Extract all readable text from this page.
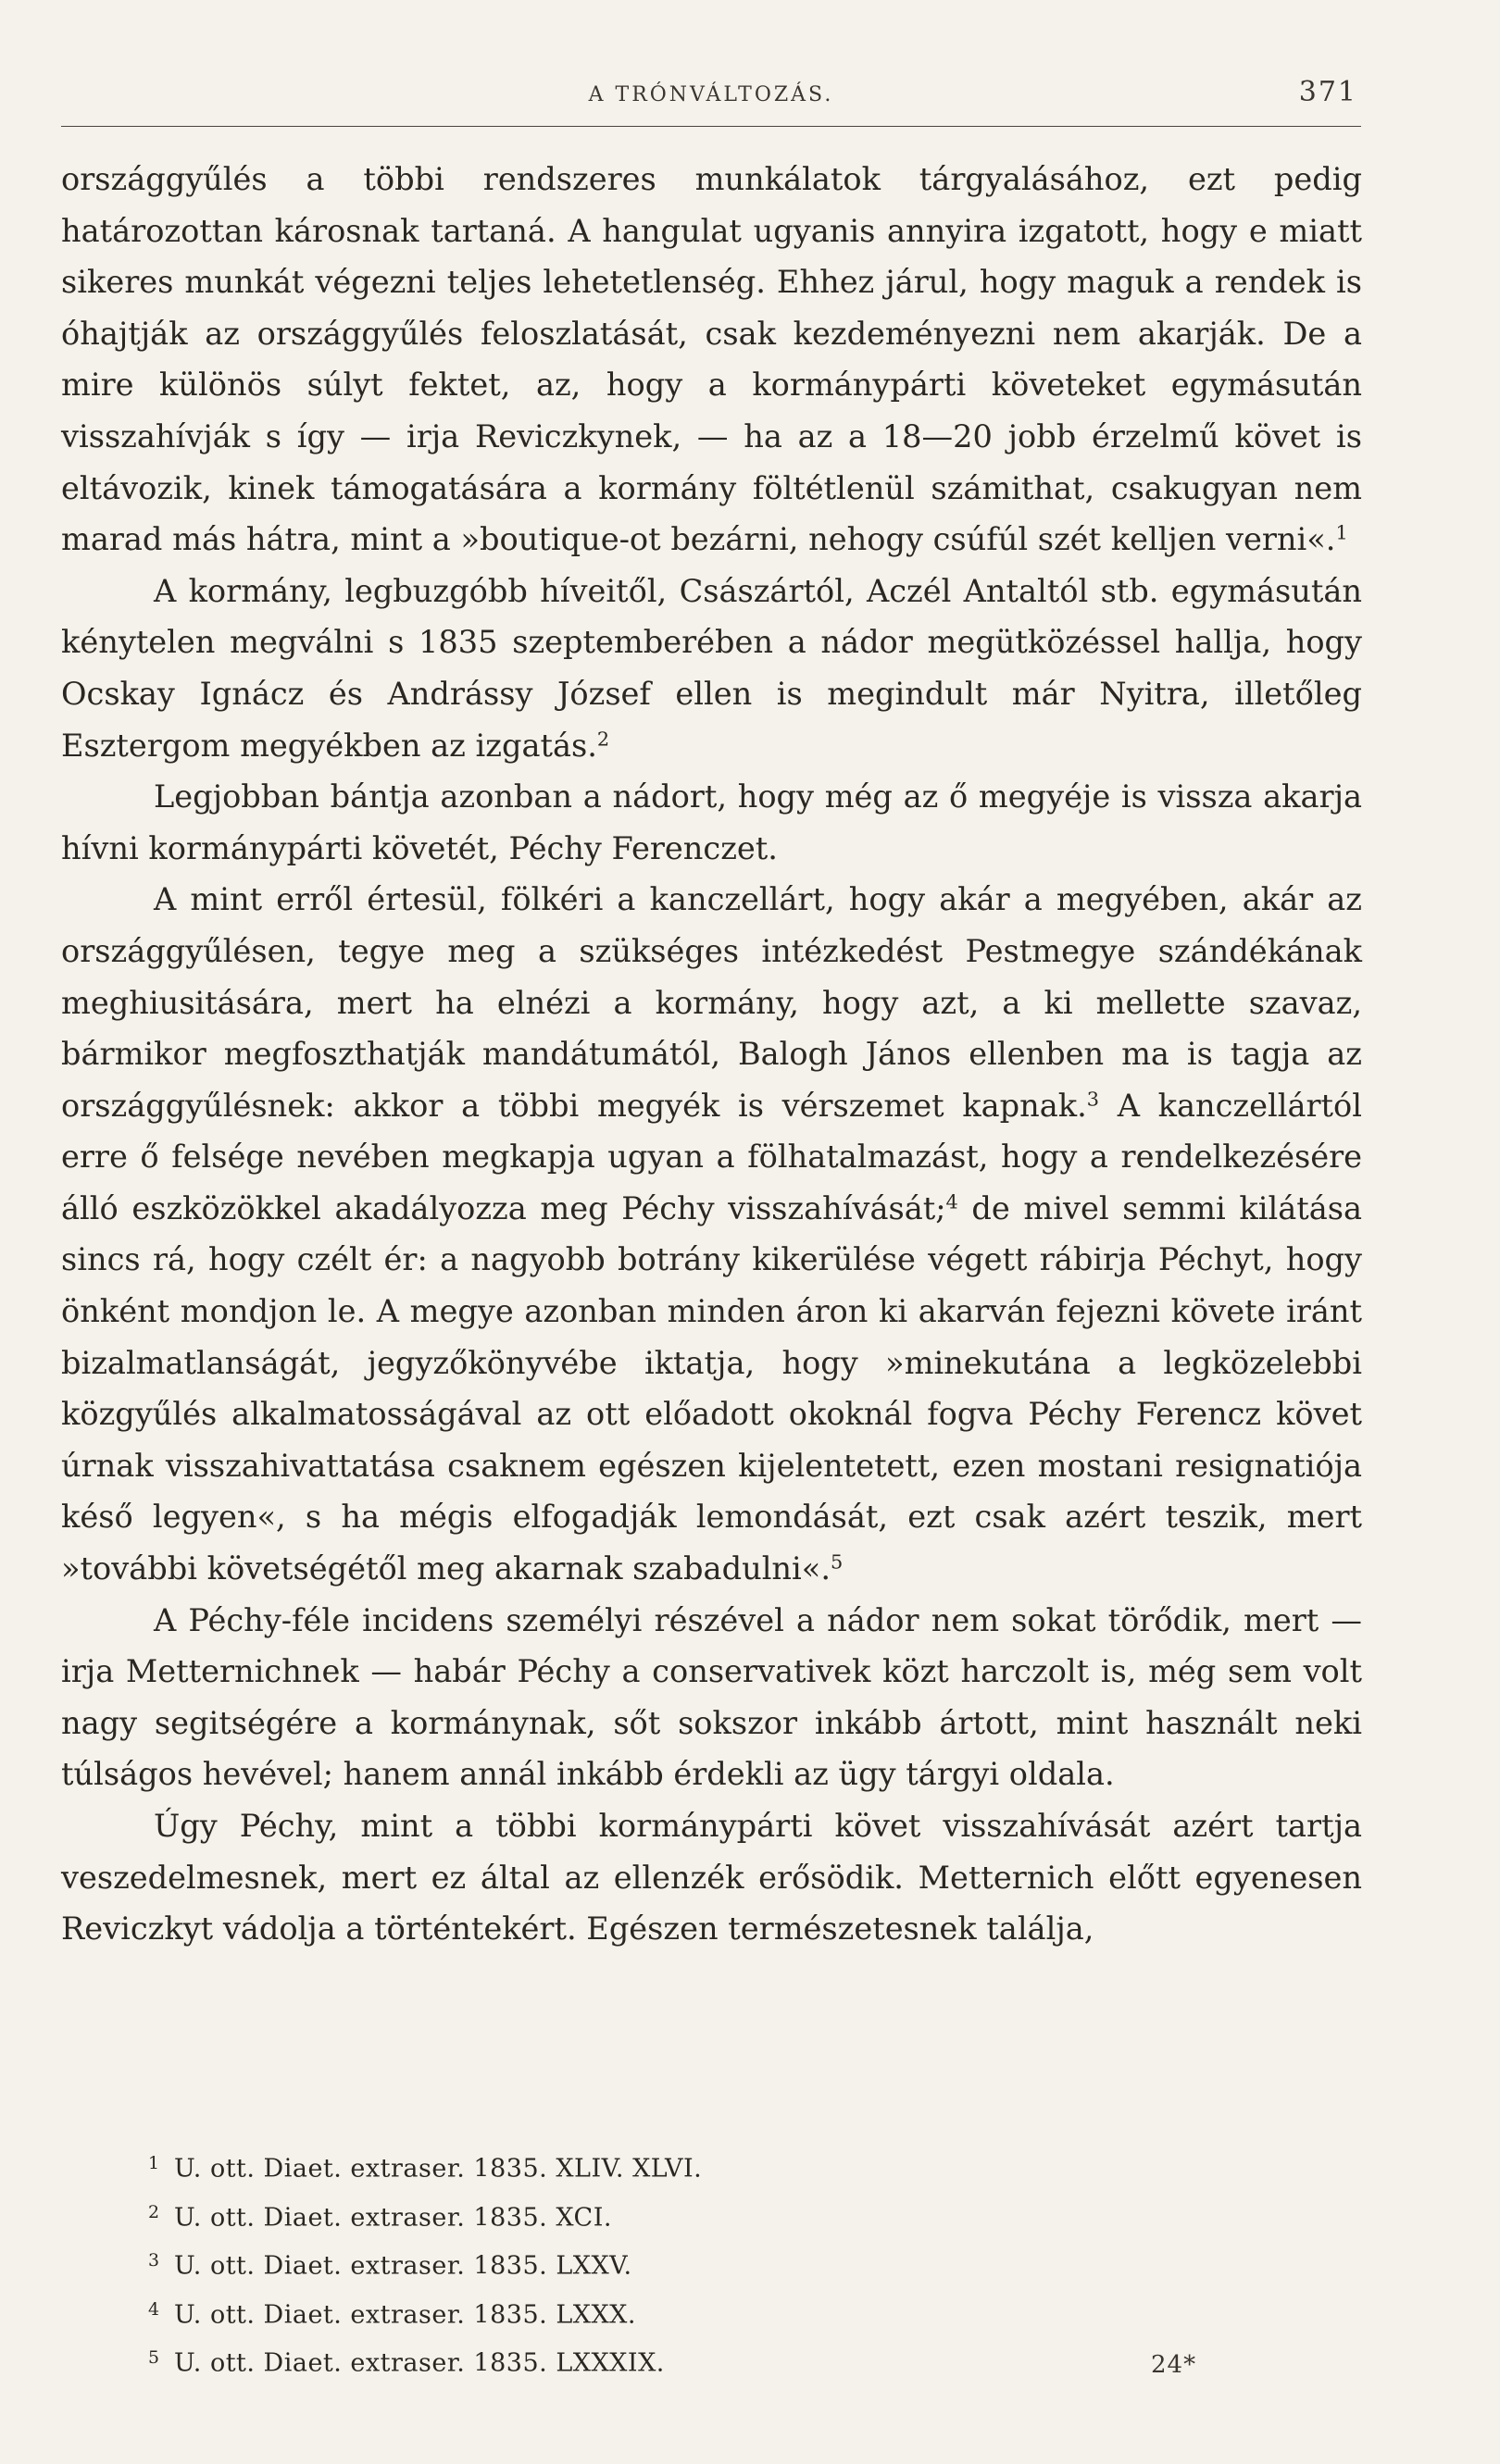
A TRÓNVÁLTOZÁS.	371

országgyűlés a többi rendszeres munkálatok tárgyalásához, ezt pedig határozottan károsnak tartaná. A hangulat ugyanis annyira izgatott, hogy e miatt sikeres munkát végezni teljes lehetetlenség. Ehhez járul, hogy maguk a rendek is óhajtják az országgyűlés feloszlatását, csak kezdeményezni nem akarják. De a mire különös súlyt fektet, az, hogy a kormánypárti követeket egymásután visszahívják s így — irja Reviczkynek, — ha az a 18—20 jobb érzelmű követ is eltávozik, kinek támogatására a kormány föltétlenül számithat, csakugyan nem marad más hátra, mint a »boutique-ot bezárni, nehogy csúfúl szét kelljen verni«.$^1$

A kormány, legbuzgóbb híveitől, Császártól, Aczél Antaltól stb. egymásután kénytelen megválni s 1835 szeptemberében a nádor megütközéssel hallja, hogy Ocskay Ignácz és Andrássy József ellen is megindult már Nyitra, illetőleg Esztergom megyékben az izgatás.$^2$

Legjobban bántja azonban a nádort, hogy még az ő megyéje is vissza akarja hívni kormánypárti követét, Péchy Ferenczet.

A mint erről értesül, fölkéri a kanczellárt, hogy akár a megyében, akár az országgyűlésen, tegye meg a szükséges intézkedést Pestmegye szándékának meghiusitására, mert ha elnézi a kormány, hogy azt, a ki mellette szavaz, bármikor megfoszthatják mandátumától, Balogh János ellenben ma is tagja az országgyűlésnek: akkor a többi megyék is vérszemet kapnak.$^3$ A kanczellártól erre ő felsége nevében megkapja ugyan a fölhatalmazást, hogy a rendelkezésére álló eszközökkel akadályozza meg Péchy visszahívását;$^4$ de mivel semmi kilátása sincs rá, hogy czélt ér: a nagyobb botrány kikerülése végett rábirja Péchyt, hogy önként mondjon le. A megye azonban minden áron ki akarván fejezni követe iránt bizalmatlanságát, jegyzőkönyvébe iktatja, hogy »minekutána a legközelebbi közgyűlés alkalmatosságával az ott előadott okoknál fogva Péchy Ferencz követ úrnak visszahivattatása csaknem egészen kijelentetett, ezen mostani resignatiója késő legyen«, s ha mégis elfogadják lemondását, ezt csak azért teszik, mert »további követségétől meg akarnak szabadulni«.$^5$

A Péchy-féle incidens személyi részével a nádor nem sokat törődik, mert — irja Metternichnek — habár Péchy a conservativek közt harczolt is, még sem volt nagy segitségére a kormánynak, sőt sokszor inkább ártott, mint használt neki túlságos hevével; hanem annál inkább érdekli az ügy tárgyi oldala.

Úgy Péchy, mint a többi kormánypárti követ visszahívását azért tartja veszedelmesnek, mert ez által az ellenzék erősödik. Metternich előtt egyenesen Reviczkyt vádolja a történtekért. Egészen természetesnek találja,

1 U. ott. Diaet. extraser. 1835. XLIV. XLVI.
2 U. ott. Diaet. extraser. 1835. XCI.
3 U. ott. Diaet. extraser. 1835. LXXV.
4 U. ott. Diaet. extraser. 1835. LXXX.
5 U. ott. Diaet. extraser. 1835. LXXXIX.	24*
